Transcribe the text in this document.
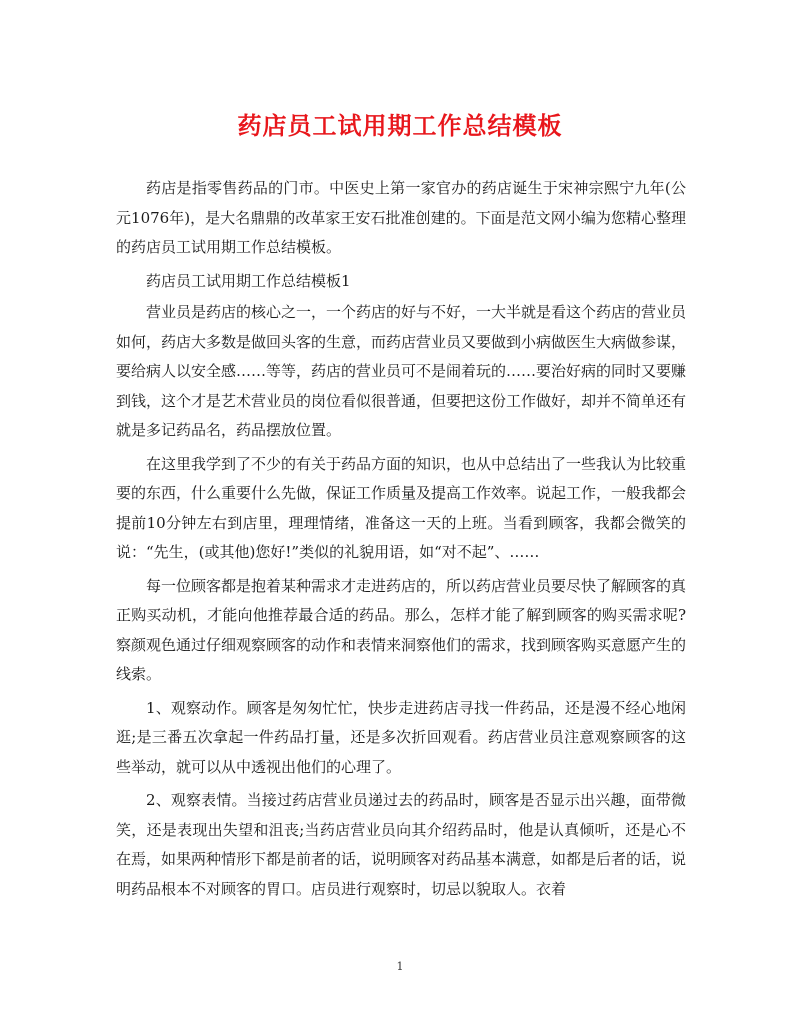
药店员工试用期工作总结模板

药店是指零售药品的门市。中医史上第一家官办的药店诞生于宋神宗熙宁九年(公元1076年)，是大名鼎鼎的改革家王安石批准创建的。下面是范文网小编为您精心整理的药店员工试用期工作总结模板。

药店员工试用期工作总结模板1

营业员是药店的核心之一，一个药店的好与不好，一大半就是看这个药店的营业员如何，药店大多数是做回头客的生意，而药店营业员又要做到小病做医生大病做参谋，要给病人以安全感……等等，药店的营业员可不是闹着玩的……要治好病的同时又要赚到钱，这个才是艺术营业员的岗位看似很普通，但要把这份工作做好，却并不简单还有就是多记药品名，药品摆放位置。

在这里我学到了不少的有关于药品方面的知识，也从中总结出了一些我认为比较重要的东西，什么重要什么先做，保证工作质量及提高工作效率。说起工作，一般我都会提前10分钟左右到店里，理理情绪，准备这一天的上班。当看到顾客，我都会微笑的说：“先生，(或其他)您好!”类似的礼貌用语，如“对不起”、……

每一位顾客都是抱着某种需求才走进药店的，所以药店营业员要尽快了解顾客的真正购买动机，才能向他推荐最合适的药品。那么，怎样才能了解到顾客的购买需求呢?察颜观色通过仔细观察顾客的动作和表情来洞察他们的需求，找到顾客购买意愿产生的线索。

1、观察动作。顾客是匆匆忙忙，快步走进药店寻找一件药品，还是漫不经心地闲逛;是三番五次拿起一件药品打量，还是多次折回观看。药店营业员注意观察顾客的这些举动，就可以从中透视出他们的心理了。

2、观察表情。当接过药店营业员递过去的药品时，顾客是否显示出兴趣，面带微笑，还是表现出失望和沮丧;当药店营业员向其介绍药品时，他是认真倾听，还是心不在焉，如果两种情形下都是前者的话，说明顾客对药品基本满意，如都是后者的话，说明药品根本不对顾客的胃口。店员进行观察时，切忌以貌取人。衣着

1
